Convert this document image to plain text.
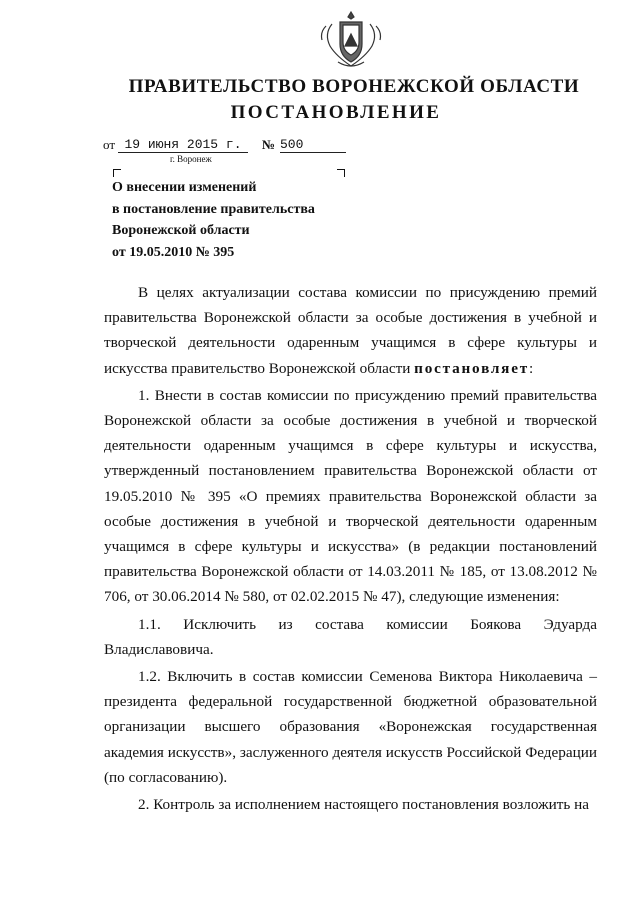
ПРАВИТЕЛЬСТВО ВОРОНЕЖСКОЙ ОБЛАСТИ
ПОСТАНОВЛЕНИЕ
от 19 июня 2015 г.	№ 500
г. Воронеж
О внесении изменений
в постановление правительства
Воронежской области
от 19.05.2010 № 395

В целях актуализации состава комиссии по присуждению премий правительства Воронежской области за особые достижения в учебной и творческой деятельности одаренным учащимся в сфере культуры и искусства правительство Воронежской области постановляет:

1. Внести в состав комиссии по присуждению премий правительства Воронежской области за особые достижения в учебной и творческой деятельности одаренным учащимся в сфере культуры и искусства, утвержденный постановлением правительства Воронежской области от 19.05.2010 № 395 «О премиях правительства Воронежской области за особые достижения в учебной и творческой деятельности одаренным учащимся в сфере культуры и искусства» (в редакции постановлений правительства Воронежской области от 14.03.2011 № 185, от 13.08.2012 № 706, от 30.06.2014 № 580, от 02.02.2015 № 47), следующие изменения:

1.1. Исключить из состава комиссии Боякова Эдуарда Владиславовича.

1.2. Включить в состав комиссии Семенова Виктора Николаевича – президента федеральной государственной бюджетной образовательной организации высшего образования «Воронежская государственная академия искусств», заслуженного деятеля искусств Российской Федерации (по согласованию).

2. Контроль за исполнением настоящего постановления возложить на
